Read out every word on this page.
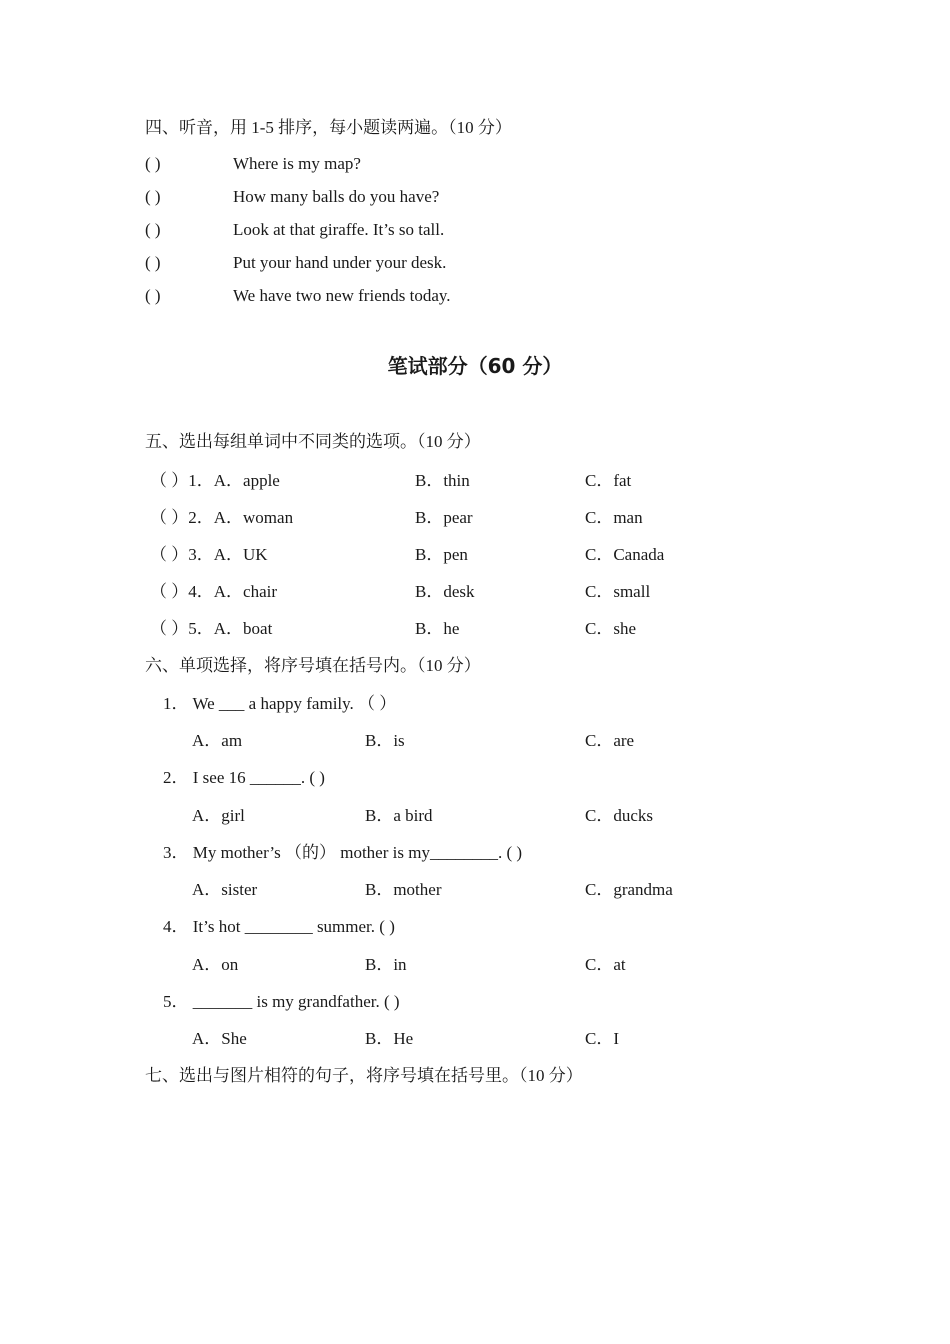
四、听音，用 1-5 排序，每小题读两遍。（10 分）
( )	Where is my map?
( )	How many balls do you have?
( )	Look at that giraffe. It’s so tall.
( )	Put your hand under your desk.
( )	We have two new friends today.
笔试部分（60 分）
五、选出每组单词中不同类的选项。（10 分）
（ ）1．A．apple	B．thin	C．fat
（ ）2．A．woman	B．pear	C．man
（ ）3．A．UK	B．pen	C．Canada
（ ）4．A．chair	B．desk	C．small
（ ）5．A．boat	B．he	C．she
六、单项选择，将序号填在括号内。（10 分）
1． We ___ a happy family. （ ）
A．am	B．is	C．are
2． I see 16 ______. ( )
A．girl	B．a bird	C．ducks
3． My mother’s （的） mother is my________. ( )
A．sister	B．mother	C．grandma
4． It’s hot ________ summer. ( )
A．on	B．in	C．at
5． _______ is my grandfather. ( )
A．She	B．He	C．I
七、选出与图片相符的句子，将序号填在括号里。（10 分）
